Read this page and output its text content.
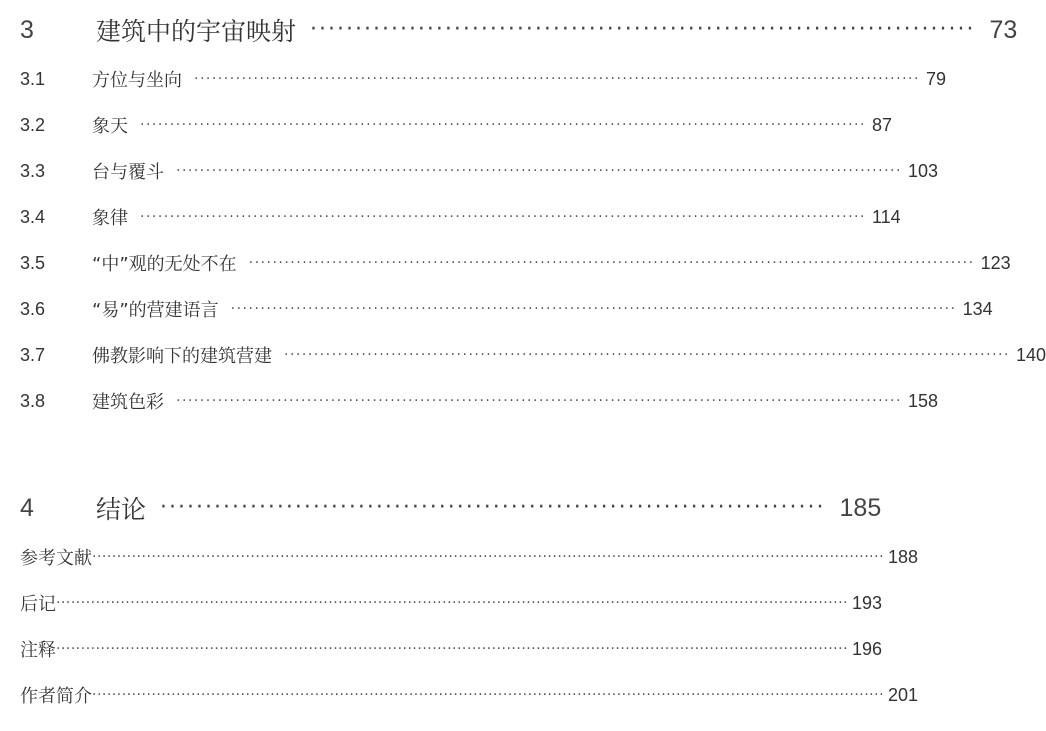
3	建筑中的宇宙映射 ·········································································· 73
3.1	方位与坐向 ·························································································································· 79
3.2	象天 ·························································································································· 87
3.3	台与覆斗 ·························································································································· 103
3.4	象律 ·························································································································· 114
3.5	“中”观的无处不在 ·························································································································· 123
3.6	“易”的营建语言 ·························································································································· 134
3.7	佛教影响下的建筑营建 ·························································································································· 140
3.8	建筑色彩 ·························································································································· 158
4	结论 ·········································································· 185
参考文献 ································································································································································ 188
后记 ································································································································································ 193
注释 ································································································································································ 196
作者简介 ································································································································································ 201
